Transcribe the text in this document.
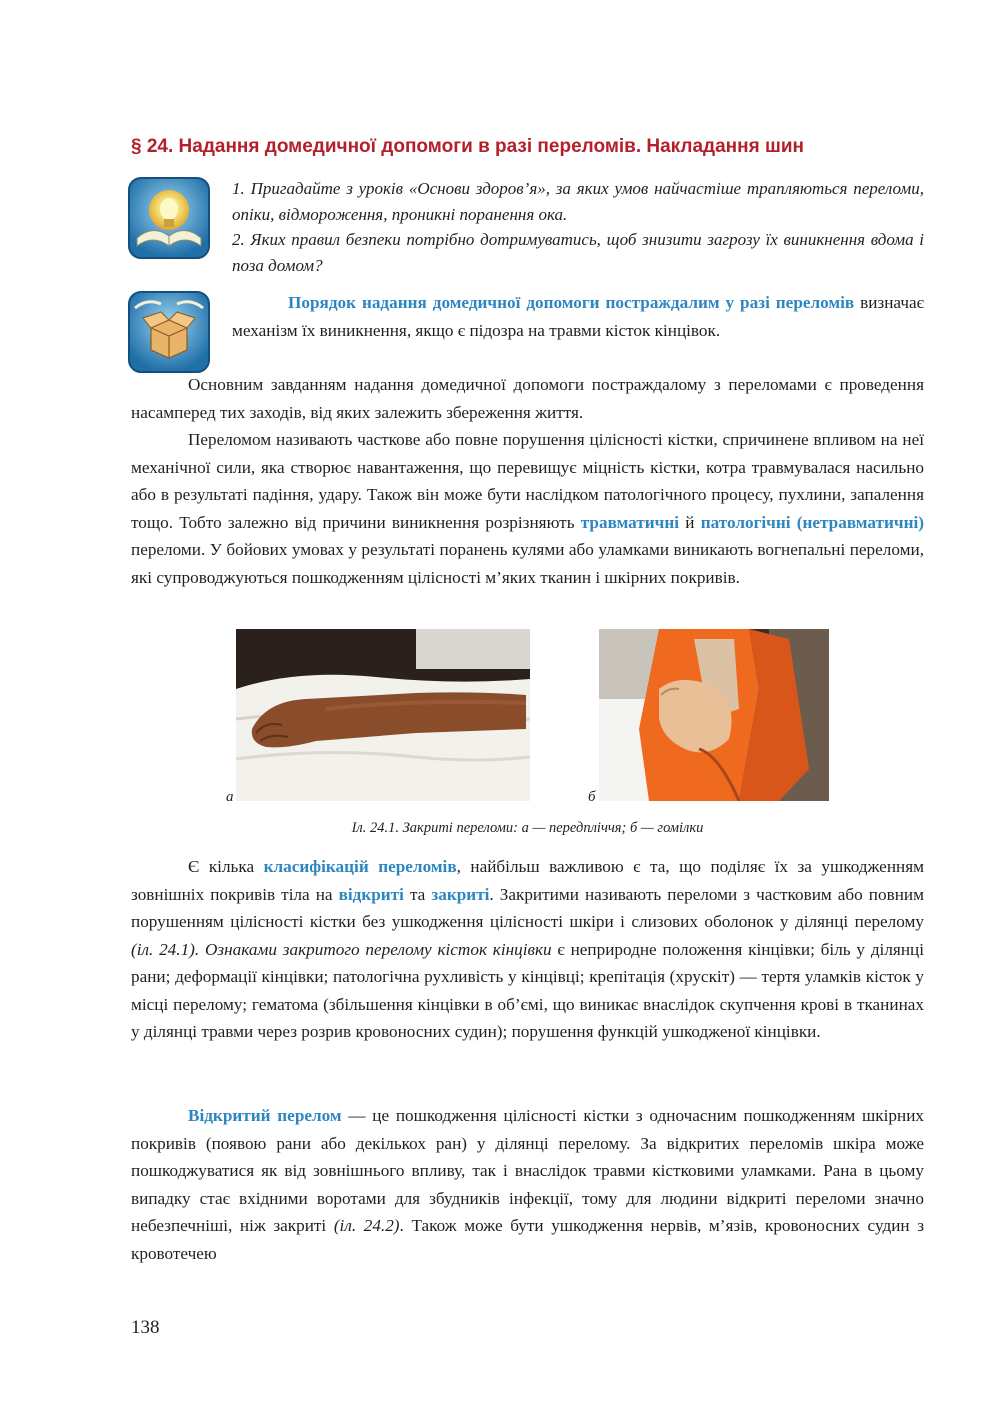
§ 24. Надання домедичної допомоги в разі переломів. Накладання шин
1. Пригадайте з уроків «Основи здоров’я», за яких умов найчастіше трапляються переломи, опіки, відмороження, проникні поранення ока.
2. Яких правил безпеки потрібно дотримуватись, щоб знизити загрозу їх виникнення вдома і поза домом?
Порядок надання домедичної допомоги постраждалим у разі переломів визначає механізм їх виникнення, якщо є підозра на травми кісток кінцівок.
Основним завданням надання домедичної допомоги постраждалому з переломами є проведення насамперед тих заходів, від яких залежить збереження життя.
Переломом називають часткове або повне порушення цілісності кістки, спричинене впливом на неї механічної сили, яка створює навантаження, що перевищує міцність кістки, котра травмувалася насильно або в результаті падіння, удару. Також він може бути наслідком патологічного процесу, пухлини, запалення тощо. Тобто залежно від причини виникнення розрізняють травматичні й патологічні (нетравматичні) переломи. У бойових умовах у результаті поранень кулями або уламками виникають вогнепальні переломи, які супроводжуються пошкодженням цілісності м’яких тканин і шкірних покривів.
а	б
Іл. 24.1. Закриті переломи: а — передпліччя; б — гомілки
Є кілька класифікацій переломів, найбільш важливою є та, що поділяє їх за ушкодженням зовнішніх покривів тіла на відкриті та закриті. Закритими називають переломи з частковим або повним порушенням цілісності кістки без ушкодження цілісності шкіри і слизових оболонок у ділянці перелому (іл. 24.1). Ознаками закритого перелому кісток кінцівки є неприродне положення кінцівки; біль у ділянці рани; деформації кінцівки; патологічна рухливість у кінцівці; крепітація (хрускіт) — тертя уламків кісток у місці перелому; гематома (збільшення кінцівки в об’ємі, що виникає внаслідок скупчення крові в тканинах у ділянці травми через розрив кровоносних судин); порушення функцій ушкодженої кінцівки.
Відкритий перелом — це пошкодження цілісності кістки з одночасним пошкодженням шкірних покривів (появою рани або декількох ран) у ділянці перелому. За відкритих переломів шкіра може пошкоджуватися як від зовнішнього впливу, так і внаслідок травми кістковими уламками. Рана в цьому випадку стає вхідними воротами для збудників інфекції, тому для людини відкриті переломи значно небезпечніші, ніж закриті (іл. 24.2). Також може бути ушкодження нервів, м’язів, кровоносних судин з кровотечею
138
